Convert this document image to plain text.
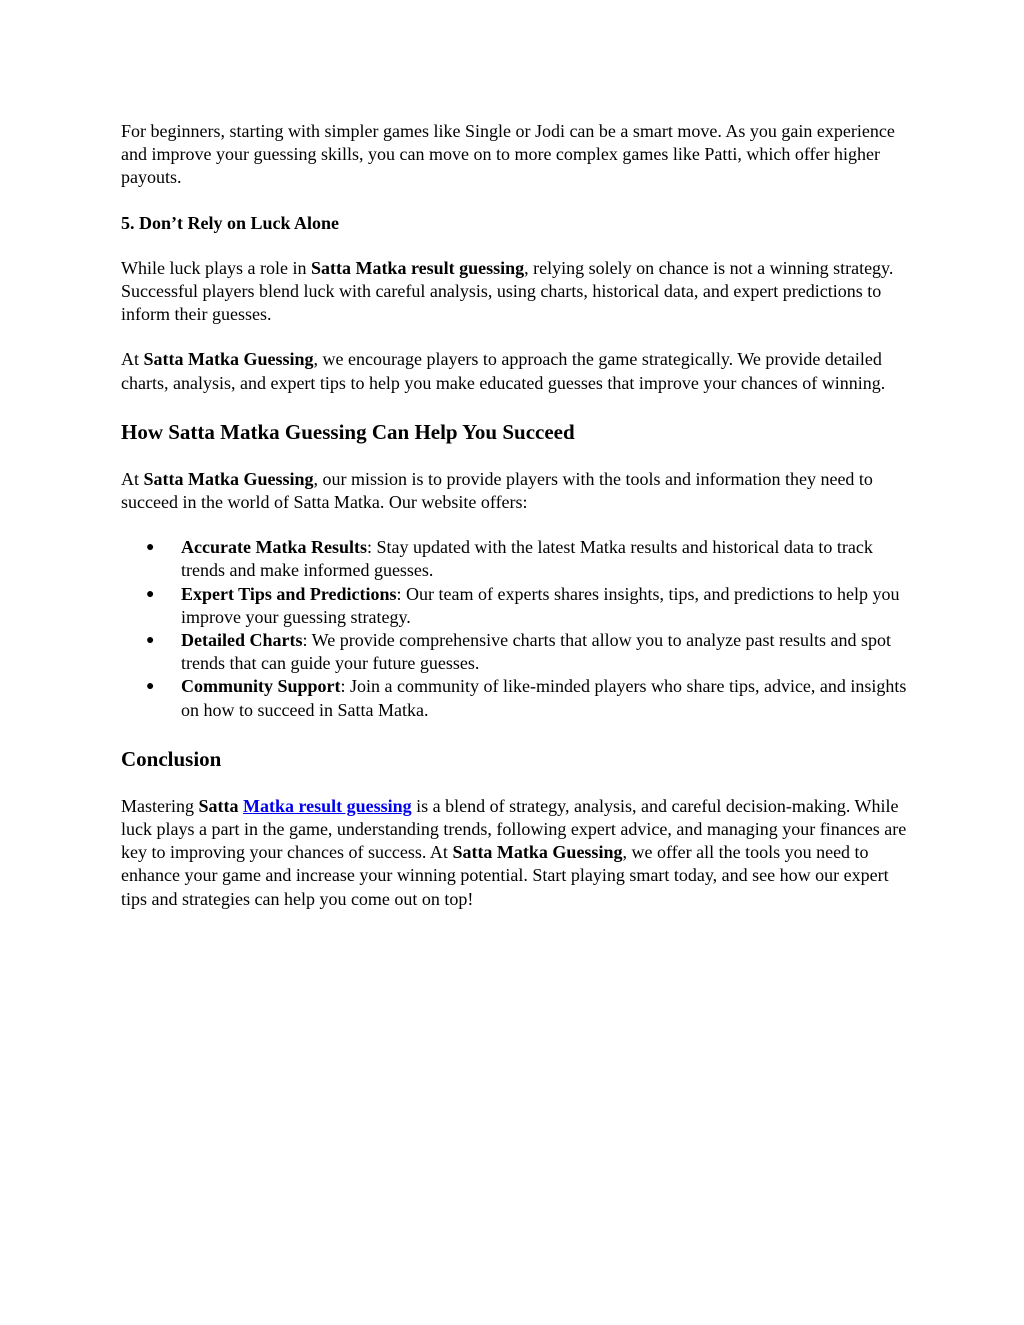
For beginners, starting with simpler games like Single or Jodi can be a smart move. As you gain experience and improve your guessing skills, you can move on to more complex games like Patti, which offer higher payouts.

5. Don’t Rely on Luck Alone

While luck plays a role in Satta Matka result guessing, relying solely on chance is not a winning strategy. Successful players blend luck with careful analysis, using charts, historical data, and expert predictions to inform their guesses.

At Satta Matka Guessing, we encourage players to approach the game strategically. We provide detailed charts, analysis, and expert tips to help you make educated guesses that improve your chances of winning.

How Satta Matka Guessing Can Help You Succeed

At Satta Matka Guessing, our mission is to provide players with the tools and information they need to succeed in the world of Satta Matka. Our website offers:

● Accurate Matka Results: Stay updated with the latest Matka results and historical data to track trends and make informed guesses.
● Expert Tips and Predictions: Our team of experts shares insights, tips, and predictions to help you improve your guessing strategy.
● Detailed Charts: We provide comprehensive charts that allow you to analyze past results and spot trends that can guide your future guesses.
● Community Support: Join a community of like-minded players who share tips, advice, and insights on how to succeed in Satta Matka.
Conclusion

Mastering Satta Matka result guessing is a blend of strategy, analysis, and careful decision-making. While luck plays a part in the game, understanding trends, following expert advice, and managing your finances are key to improving your chances of success. At Satta Matka Guessing, we offer all the tools you need to enhance your game and increase your winning potential. Start playing smart today, and see how our expert tips and strategies can help you come out on top!
